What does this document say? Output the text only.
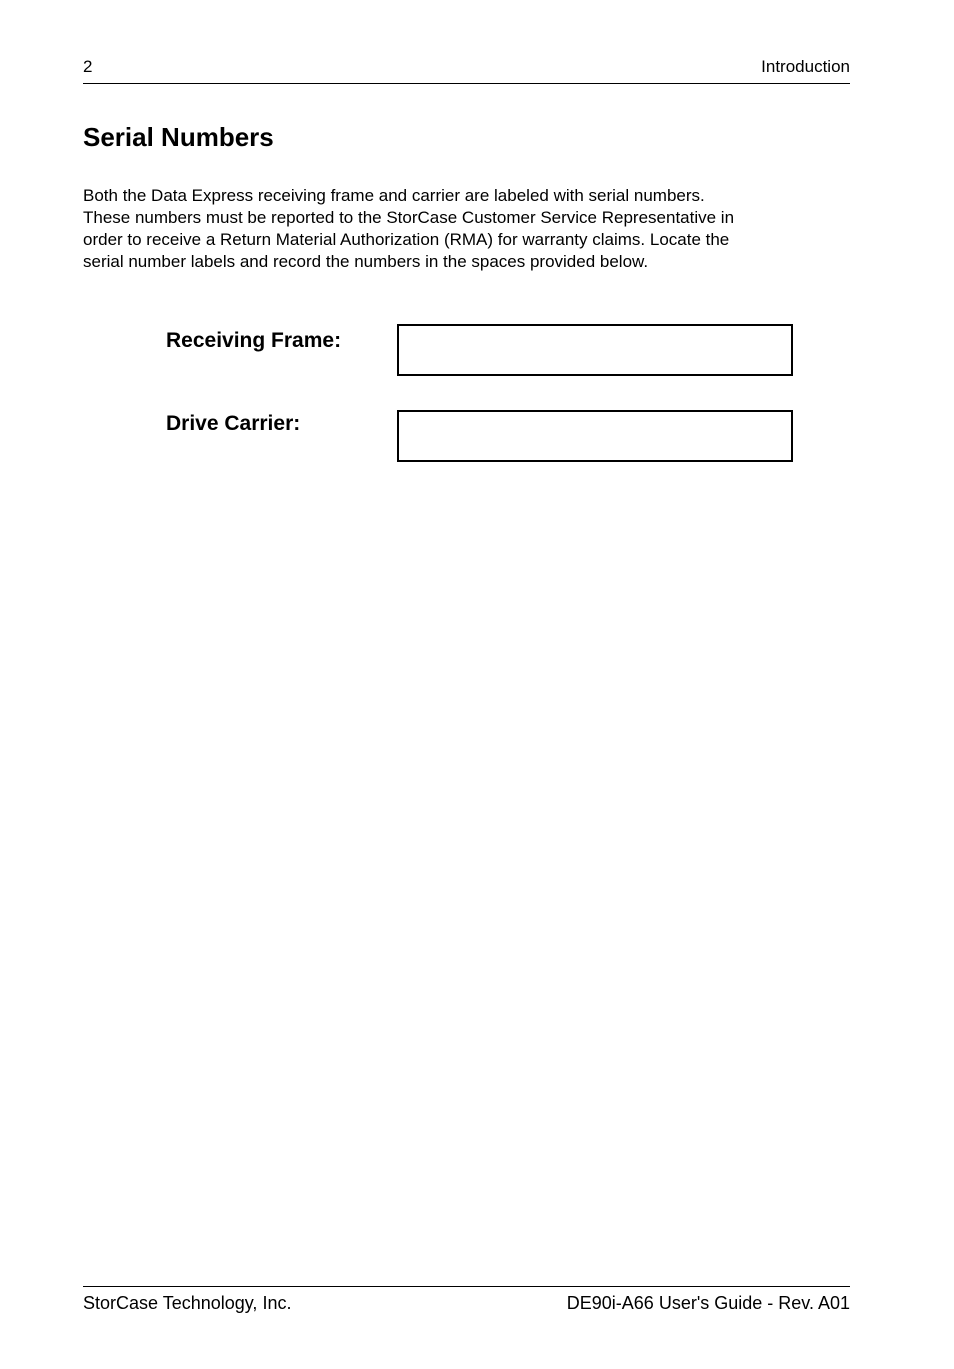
2	Introduction
Serial Numbers

Both the Data Express receiving frame and carrier are labeled with serial numbers.
These numbers must be reported to the StorCase Customer Service Representative in
order to receive a Return Material Authorization (RMA) for warranty claims. Locate the
serial number labels and record the numbers in the spaces provided below.

Receiving Frame:
Drive Carrier:
StorCase Technology, Inc.	DE90i-A66 User's Guide - Rev. A01
